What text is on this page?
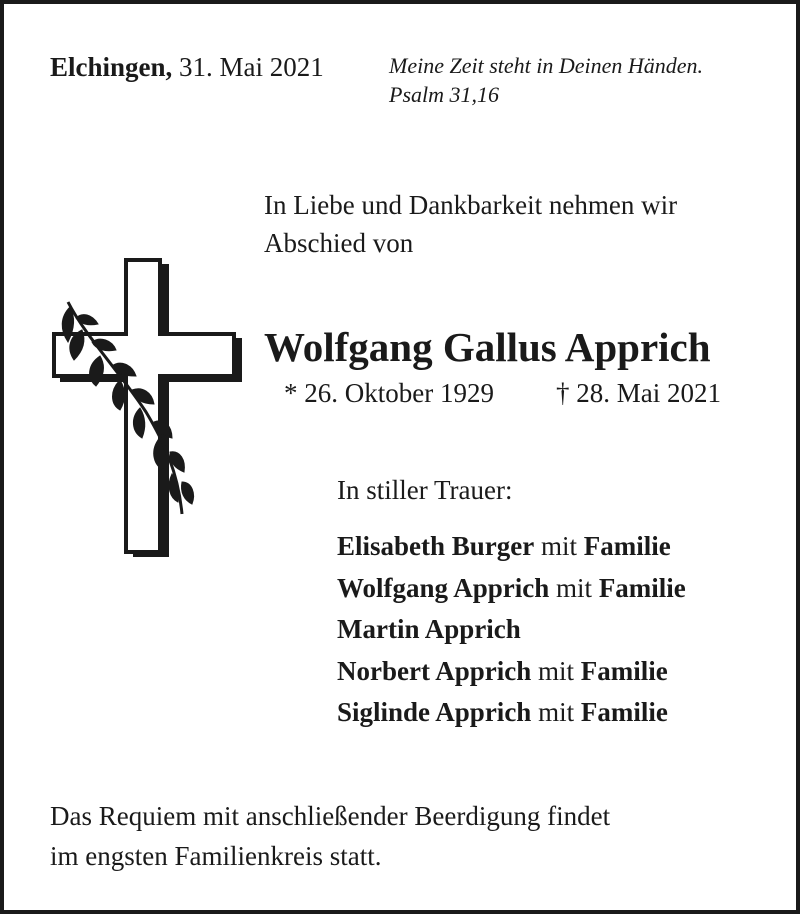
Elchingen, 31. Mai 2021	Meine Zeit steht in Deinen Händen.
Psalm 31,16
In Liebe und Dankbarkeit nehmen wir
Abschied von
Wolfgang Gallus Apprich
* 26. Oktober 1929 † 28. Mai 2021
In stiller Trauer:
Elisabeth Burger mit Familie
Wolfgang Apprich mit Familie
Martin Apprich
Norbert Apprich mit Familie
Siglinde Apprich mit Familie
Das Requiem mit anschließender Beerdigung findet
im engsten Familienkreis statt.
